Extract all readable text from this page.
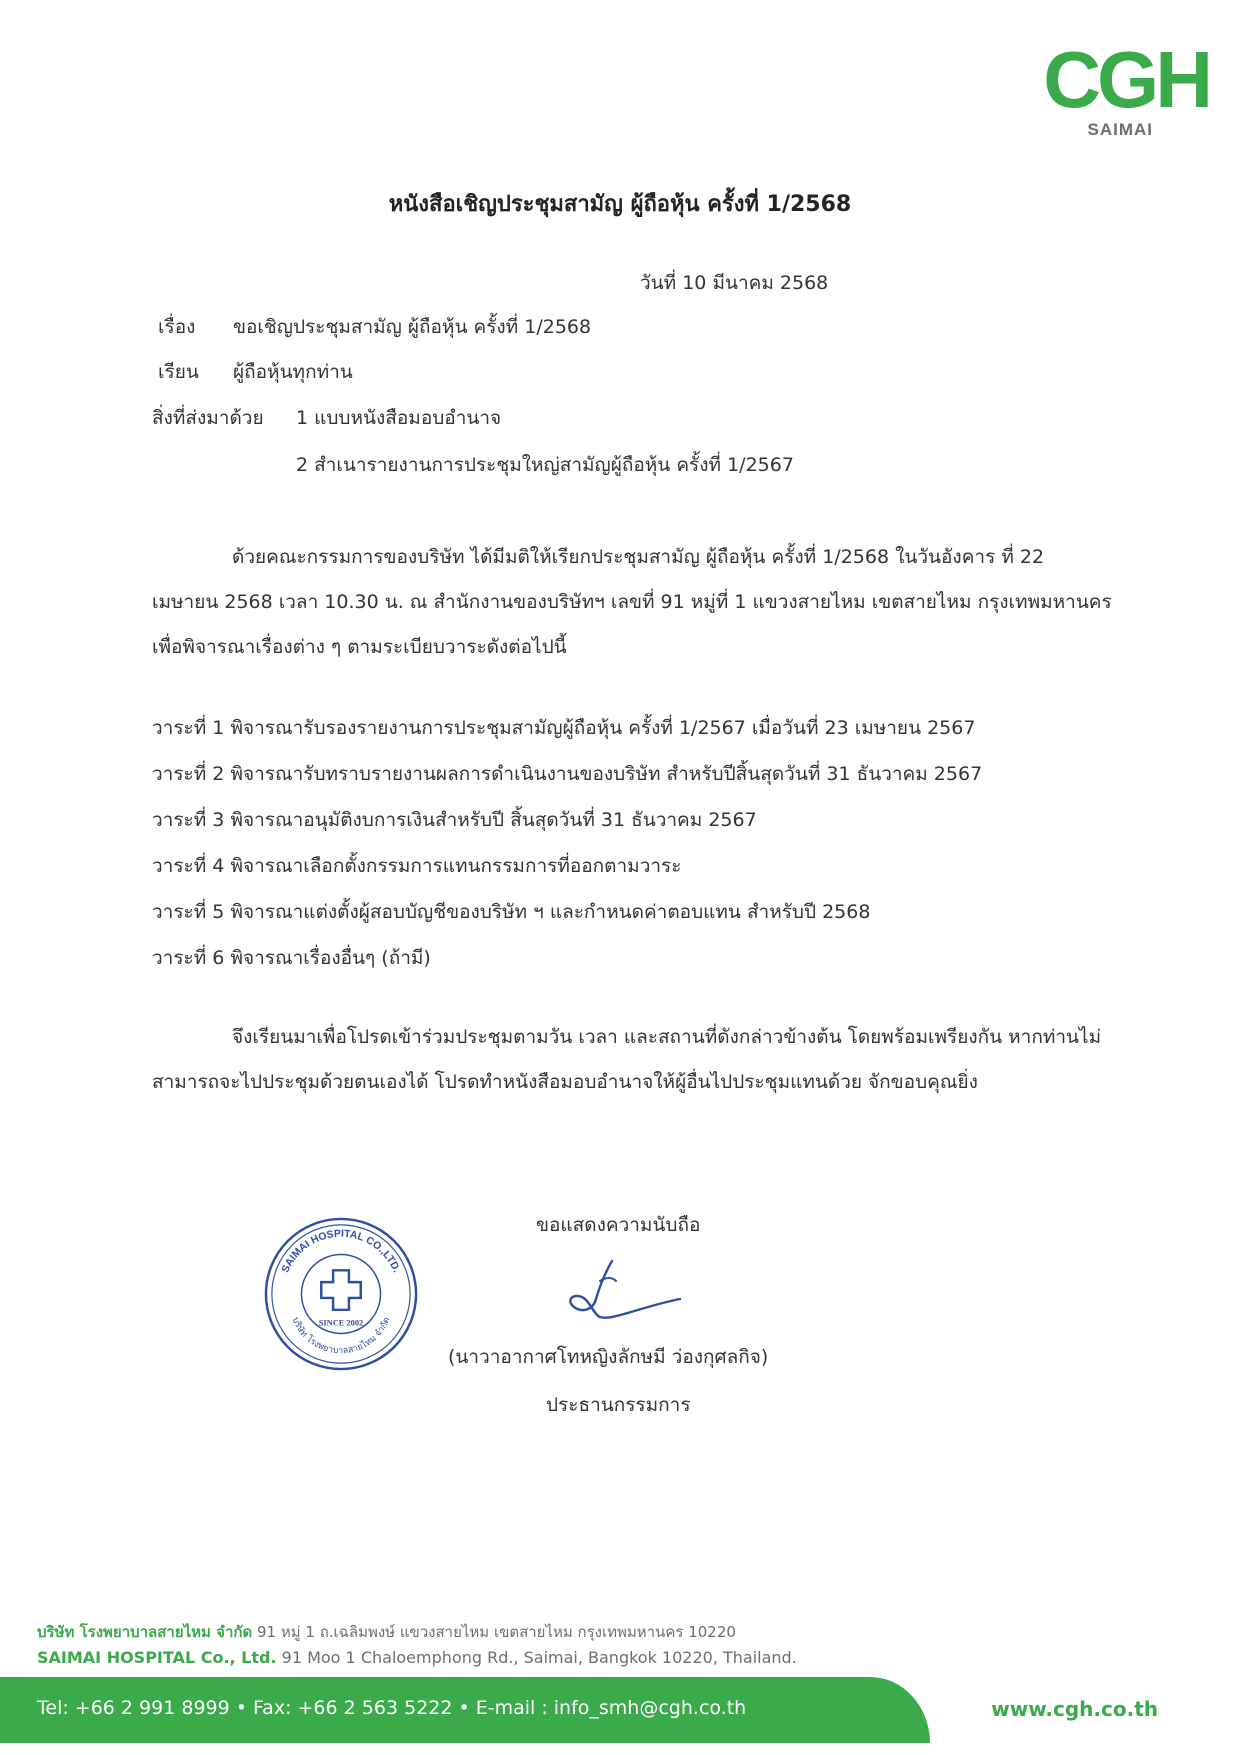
CGH
SAIMAI
หนังสือเชิญประชุมสามัญ ผู้ถือหุ้น ครั้งที่ 1/2568
วันที่ 10 มีนาคม 2568
เรื่อง ขอเชิญประชุมสามัญ ผู้ถือหุ้น ครั้งที่ 1/2568
เรียน ผู้ถือหุ้นทุกท่าน
สิ่งที่ส่งมาด้วย 1 แบบหนังสือมอบอำนาจ
2 สำเนารายงานการประชุมใหญ่สามัญผู้ถือหุ้น ครั้งที่ 1/2567
ด้วยคณะกรรมการของบริษัท ได้มีมติให้เรียกประชุมสามัญ ผู้ถือหุ้น ครั้งที่ 1/2568 ในวันอังคาร ที่ 22 เมษายน 2568 เวลา 10.30 น. ณ สำนักงานของบริษัทฯ เลขที่ 91 หมู่ที่ 1 แขวงสายไหม เขตสายไหม กรุงเทพมหานคร เพื่อพิจารณาเรื่องต่าง ๆ ตามระเบียบวาระดังต่อไปนี้
วาระที่ 1 พิจารณารับรองรายงานการประชุมสามัญผู้ถือหุ้น ครั้งที่ 1/2567 เมื่อวันที่ 23 เมษายน 2567
วาระที่ 2 พิจารณารับทราบรายงานผลการดำเนินงานของบริษัท สำหรับปีสิ้นสุดวันที่ 31 ธันวาคม 2567
วาระที่ 3 พิจารณาอนุมัติงบการเงินสำหรับปี สิ้นสุดวันที่ 31 ธันวาคม 2567
วาระที่ 4 พิจารณาเลือกตั้งกรรมการแทนกรรมการที่ออกตามวาระ
วาระที่ 5 พิจารณาแต่งตั้งผู้สอบบัญชีของบริษัท ฯ และกำหนดค่าตอบแทน สำหรับปี 2568
วาระที่ 6 พิจารณาเรื่องอื่นๆ (ถ้ามี)
จึงเรียนมาเพื่อโปรดเข้าร่วมประชุมตามวัน เวลา และสถานที่ดังกล่าวข้างต้น โดยพร้อมเพรียงกัน หากท่านไม่สามารถจะไปประชุมด้วยตนเองได้ โปรดทำหนังสือมอบอำนาจให้ผู้อื่นไปประชุมแทนด้วย จักขอบคุณยิ่ง
ขอแสดงความนับถือ
SAIMAI HOSPITAL CO.,LTD.
บริษัท โรงพยาบาลสายไหม จำกัด
SINCE 2002
(นาวาอากาศโทหญิงลักษมี ว่องกุศลกิจ)
ประธานกรรมการ
บริษัท โรงพยาบาลสายไหม จำกัด 91 หมู่ 1 ถ.เฉลิมพงษ์ แขวงสายไหม เขตสายไหม กรุงเทพมหานคร 10220
SAIMAI HOSPITAL Co., Ltd. 91 Moo 1 Chaloemphong Rd., Saimai, Bangkok 10220, Thailand.
Tel: +66 2 991 8999 • Fax: +66 2 563 5222 • E-mail : info_smh@cgh.co.th	www.cgh.co.th
